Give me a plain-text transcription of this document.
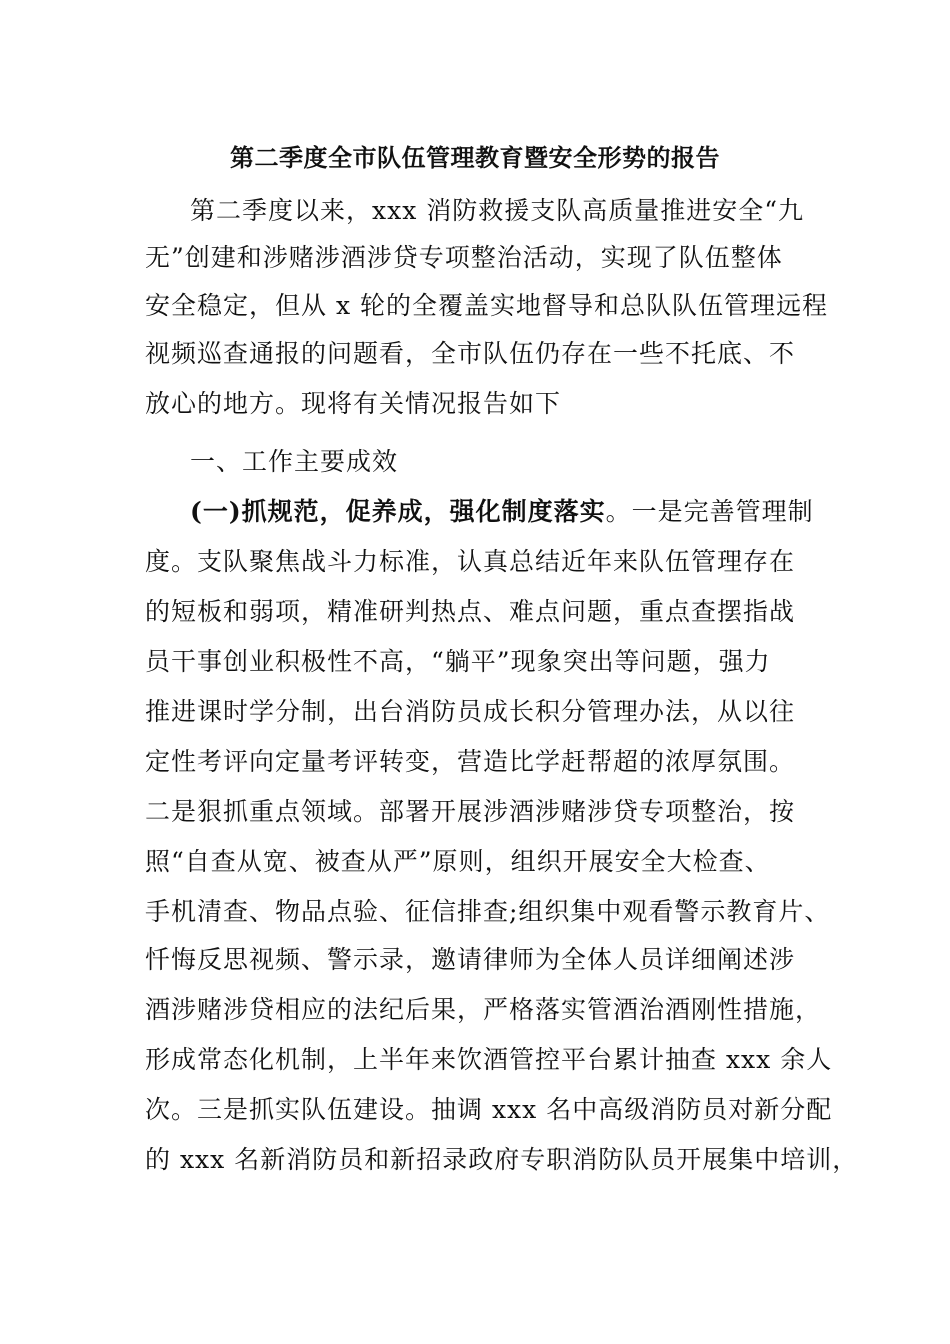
第二季度全市队伍管理教育暨安全形势的报告
第二季度以来，xxx 消防救援支队高质量推进安全“九
无”创建和涉赌涉酒涉贷专项整治活动，实现了队伍整体
安全稳定，但从 x 轮的全覆盖实地督导和总队队伍管理远程
视频巡查通报的问题看，全市队伍仍存在一些不托底、不
放心的地方。现将有关情况报告如下
一、工作主要成效
(一)抓规范，促养成，强化制度落实。一是完善管理制
度。支队聚焦战斗力标准，认真总结近年来队伍管理存在
的短板和弱项，精准研判热点、难点问题，重点查摆指战
员干事创业积极性不高，“躺平”现象突出等问题，强力
推进课时学分制，出台消防员成长积分管理办法，从以往
定性考评向定量考评转变，营造比学赶帮超的浓厚氛围。
二是狠抓重点领域。部署开展涉酒涉赌涉贷专项整治，按
照“自查从宽、被查从严”原则，组织开展安全大检查、
手机清查、物品点验、征信排查;组织集中观看警示教育片、
忏悔反思视频、警示录，邀请律师为全体人员详细阐述涉
酒涉赌涉贷相应的法纪后果，严格落实管酒治酒刚性措施，
形成常态化机制，上半年来饮酒管控平台累计抽查 xxx 余人
次。三是抓实队伍建设。抽调 xxx 名中高级消防员对新分配
的 xxx 名新消防员和新招录政府专职消防队员开展集中培训，
